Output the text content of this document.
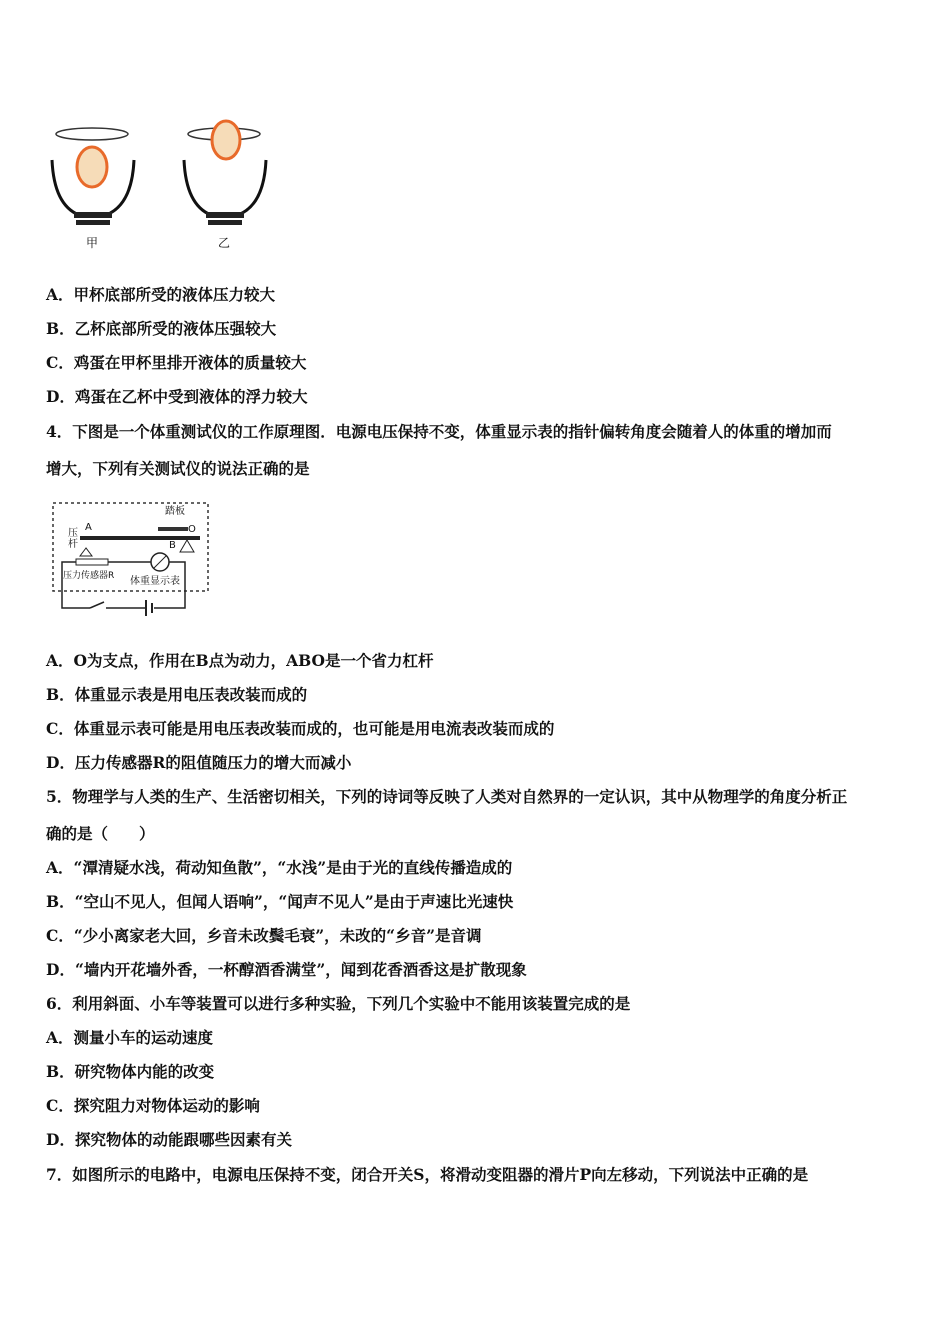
甲	乙
A．甲杯底部所受的液体压力较大
B．乙杯底部所受的液体压强较大
C．鸡蛋在甲杯里排开液体的质量较大
D．鸡蛋在乙杯中受到液体的浮力较大
4．下图是一个体重测试仪的工作原理图．电源电压保持不变，体重显示表的指针偏转角度会随着人的体重的增加而
增大，下列有关测试仪的说法正确的是
踏板
A	O
B
压杆
压力传感器R 体重显示表
A．O为支点，作用在B点为动力，ABO是一个省力杠杆
B．体重显示表是用电压表改装而成的
C．体重显示表可能是用电压表改装而成的，也可能是用电流表改装而成的
D．压力传感器R的阻值随压力的增大而减小
5．物理学与人类的生产、生活密切相关，下列的诗词等反映了人类对自然界的一定认识，其中从物理学的角度分析正
确的是（　　）
A．“潭清疑水浅，荷动知鱼散”，“水浅”是由于光的直线传播造成的
B．“空山不见人，但闻人语响”，“闻声不见人”是由于声速比光速快
C．“少小离家老大回，乡音未改鬓毛衰”，未改的“乡音”是音调
D．“墙内开花墙外香，一杯醇酒香满堂”，闻到花香酒香这是扩散现象
6．利用斜面、小车等装置可以进行多种实验，下列几个实验中不能用该装置完成的是
A．测量小车的运动速度
B．研究物体内能的改变
C．探究阻力对物体运动的影响
D．探究物体的动能跟哪些因素有关
7．如图所示的电路中，电源电压保持不变，闭合开关S，将滑动变阻器的滑片P向左移动，下列说法中正确的是
